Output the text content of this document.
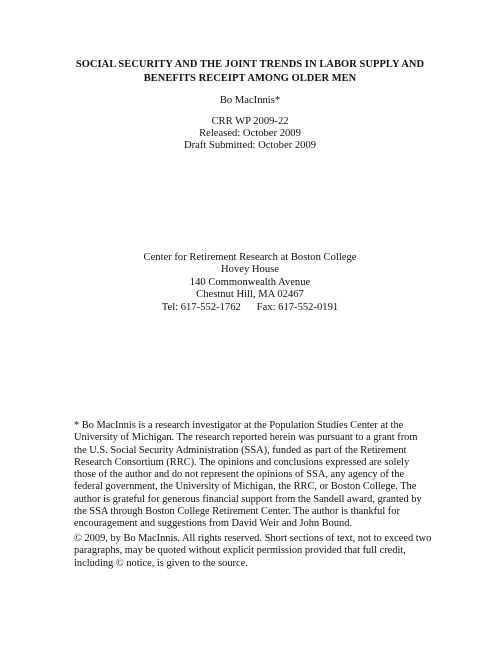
SOCIAL SECURITY AND THE JOINT TRENDS IN LABOR SUPPLY AND
BENEFITS RECEIPT AMONG OLDER MEN
Bo MacInnis*
CRR WP 2009-22
Released: October 2009
Draft Submitted: October 2009
Center for Retirement Research at Boston College
Hovey House
140 Commonwealth Avenue
Chestnut Hill, MA 02467
Tel: 617-552-1762      Fax: 617-552-0191
* Bo MacInnis is a research investigator at the Population Studies Center at the
University of Michigan. The research reported herein was pursuant to a grant from
the U.S. Social Security Administration (SSA), funded as part of the Retirement
Research Consortium (RRC). The opinions and conclusions expressed are solely
those of the author and do not represent the opinions of SSA, any agency of the
federal government, the University of Michigan, the RRC, or Boston College. The
author is grateful for generous financial support from the Sandell award, granted by
the SSA through Boston College Retirement Center. The author is thankful for
encouragement and suggestions from David Weir and John Bound.
© 2009, by Bo MacInnis. All rights reserved. Short sections of text, not to exceed two
paragraphs, may be quoted without explicit permission provided that full credit,
including © notice, is given to the source.
